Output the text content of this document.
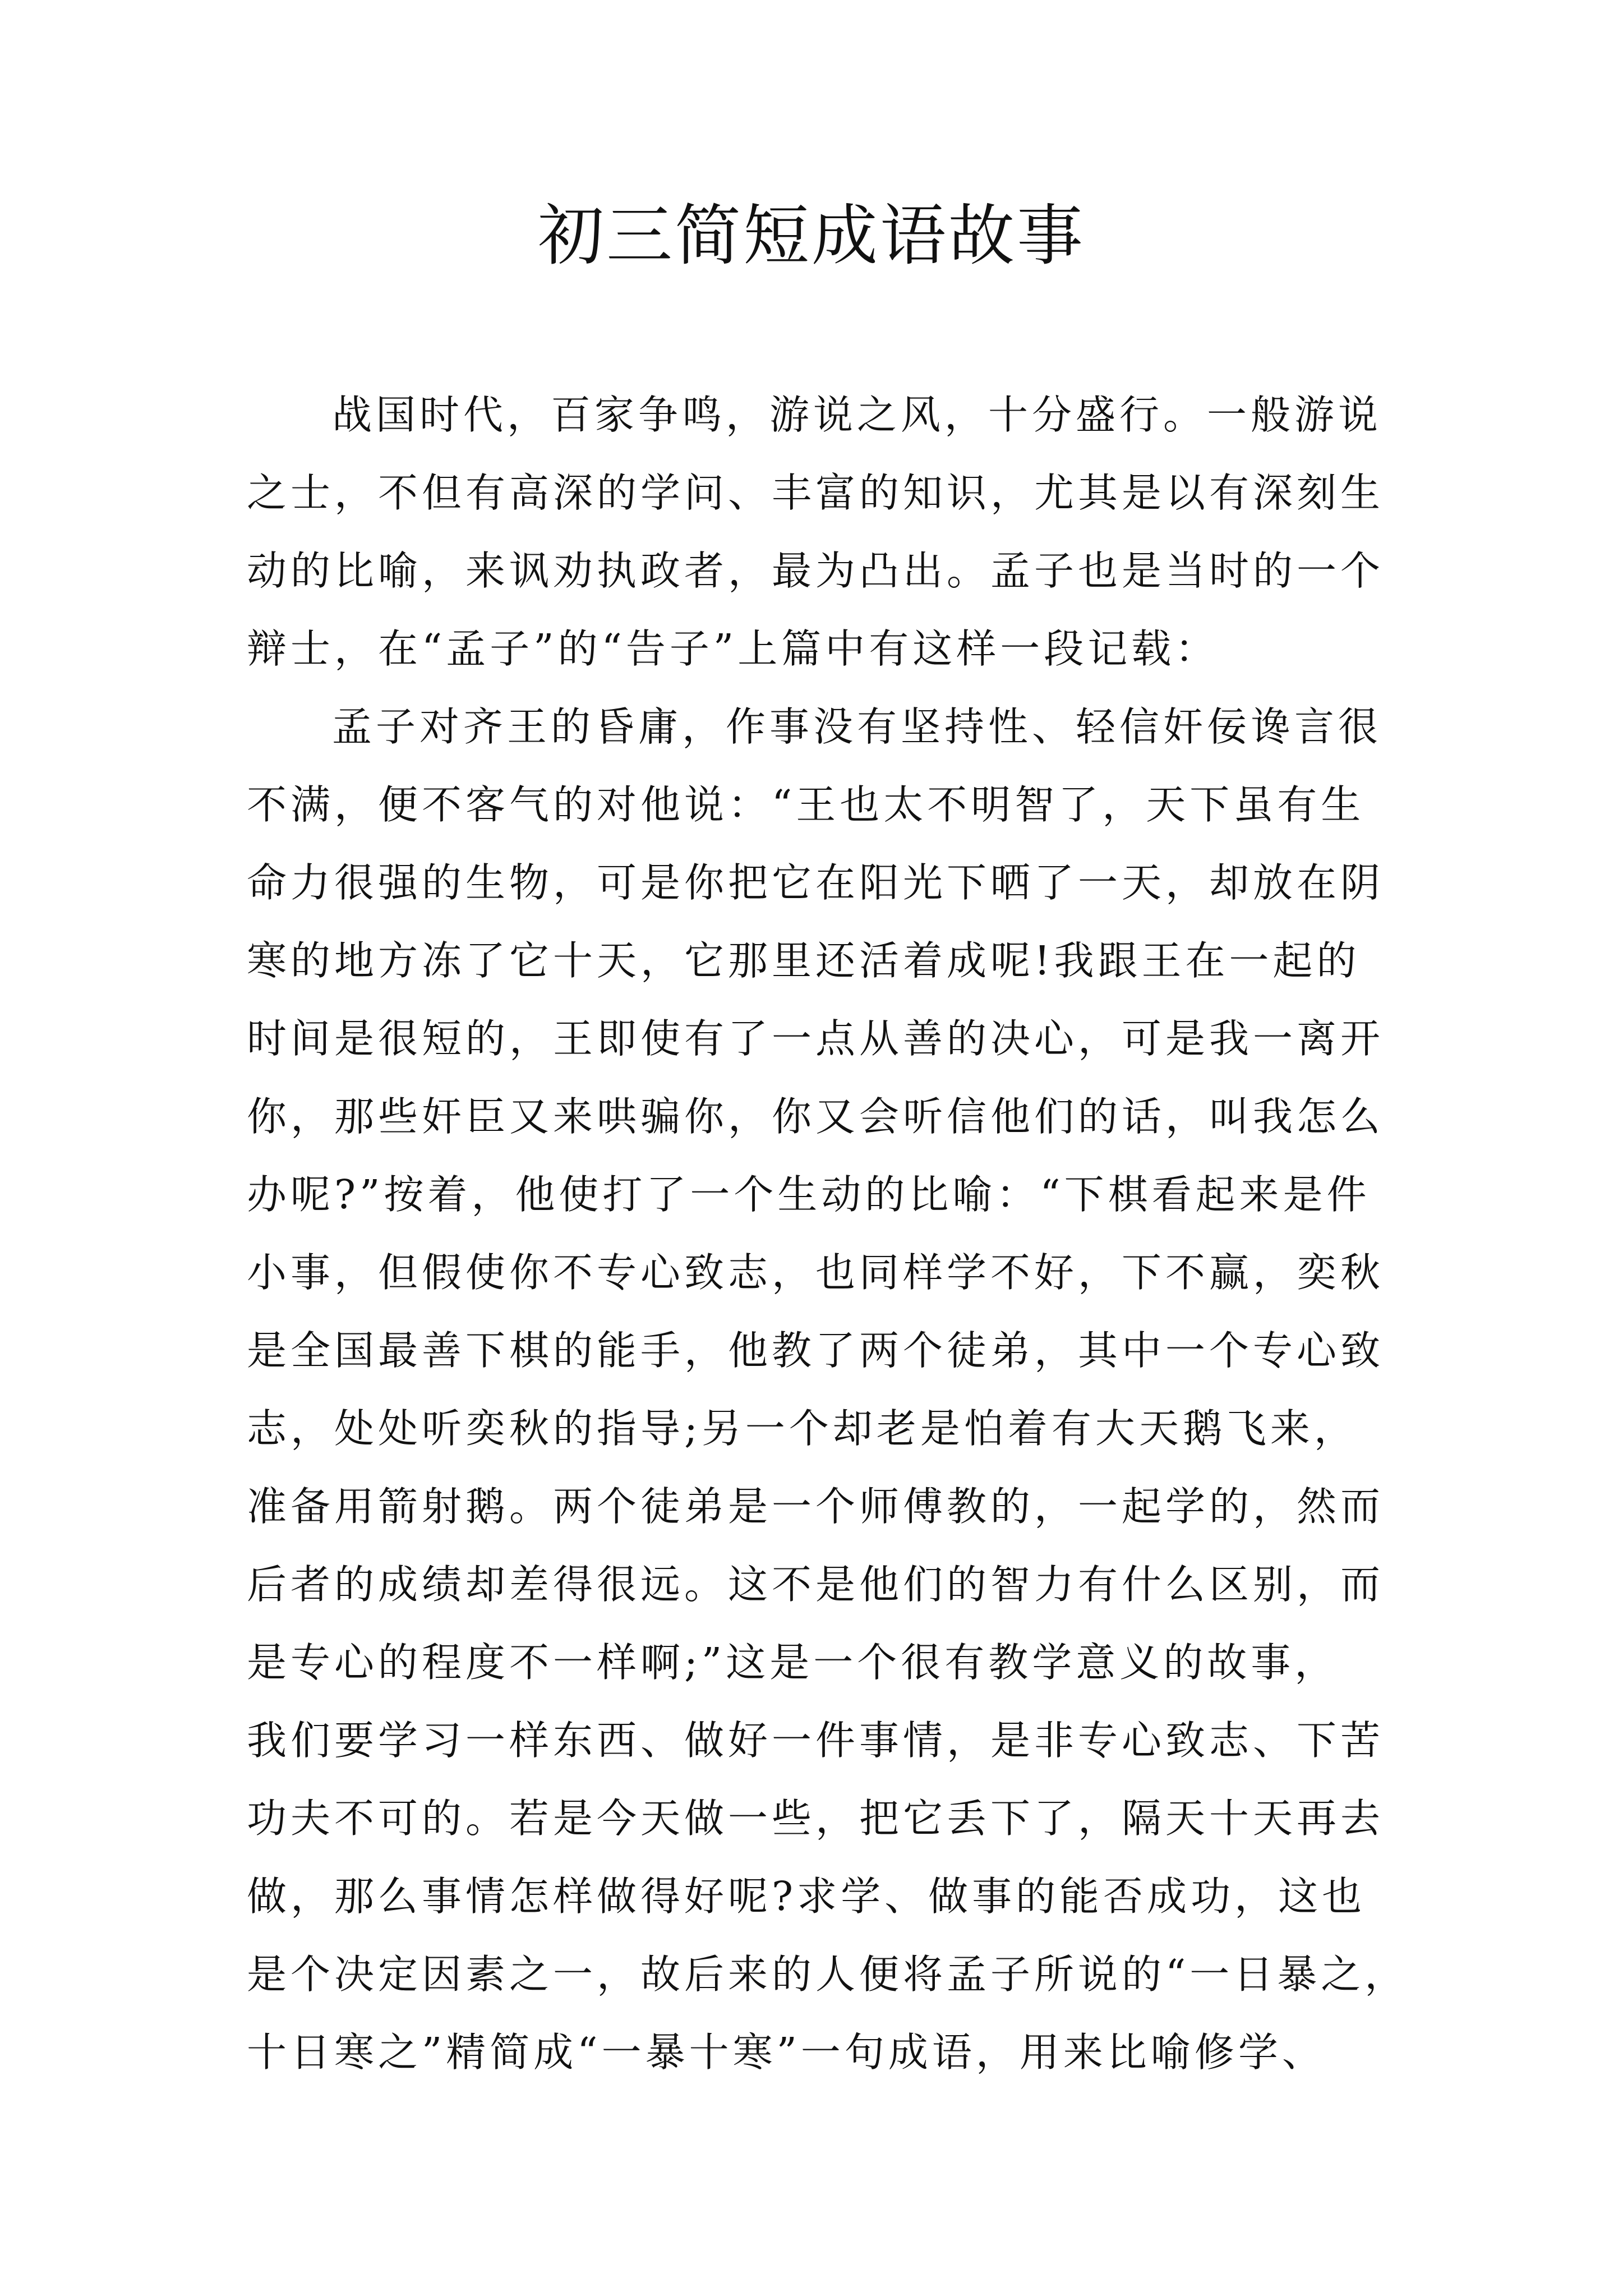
初三简短成语故事
战国时代，百家争鸣，游说之风，十分盛行。一般游说
之士，不但有高深的学问、丰富的知识，尤其是以有深刻生
动的比喻，来讽劝执政者，最为凸出。孟子也是当时的一个
辩士，在“孟子”的“告子”上篇中有这样一段记载：
孟子对齐王的昏庸，作事没有坚持性、轻信奸佞谗言很
不满，便不客气的对他说：“王也太不明智了，天下虽有生
命力很强的生物，可是你把它在阳光下晒了一天，却放在阴
寒的地方冻了它十天，它那里还活着成呢!我跟王在一起的
时间是很短的，王即使有了一点从善的决心，可是我一离开
你，那些奸臣又来哄骗你，你又会听信他们的话，叫我怎么
办呢?”按着，他使打了一个生动的比喻：“下棋看起来是件
小事，但假使你不专心致志，也同样学不好，下不赢，奕秋
是全国最善下棋的能手，他教了两个徒弟，其中一个专心致
志，处处听奕秋的指导;另一个却老是怕着有大天鹅飞来，
准备用箭射鹅。两个徒弟是一个师傅教的，一起学的，然而
后者的成绩却差得很远。这不是他们的智力有什么区别，而
是专心的程度不一样啊;”这是一个很有教学意义的故事，
我们要学习一样东西、做好一件事情，是非专心致志、下苦
功夫不可的。若是今天做一些，把它丢下了，隔天十天再去
做，那么事情怎样做得好呢?求学、做事的能否成功，这也
是个决定因素之一，故后来的人便将孟子所说的“一日暴之，
十日寒之”精简成“一暴十寒”一句成语，用来比喻修学、
